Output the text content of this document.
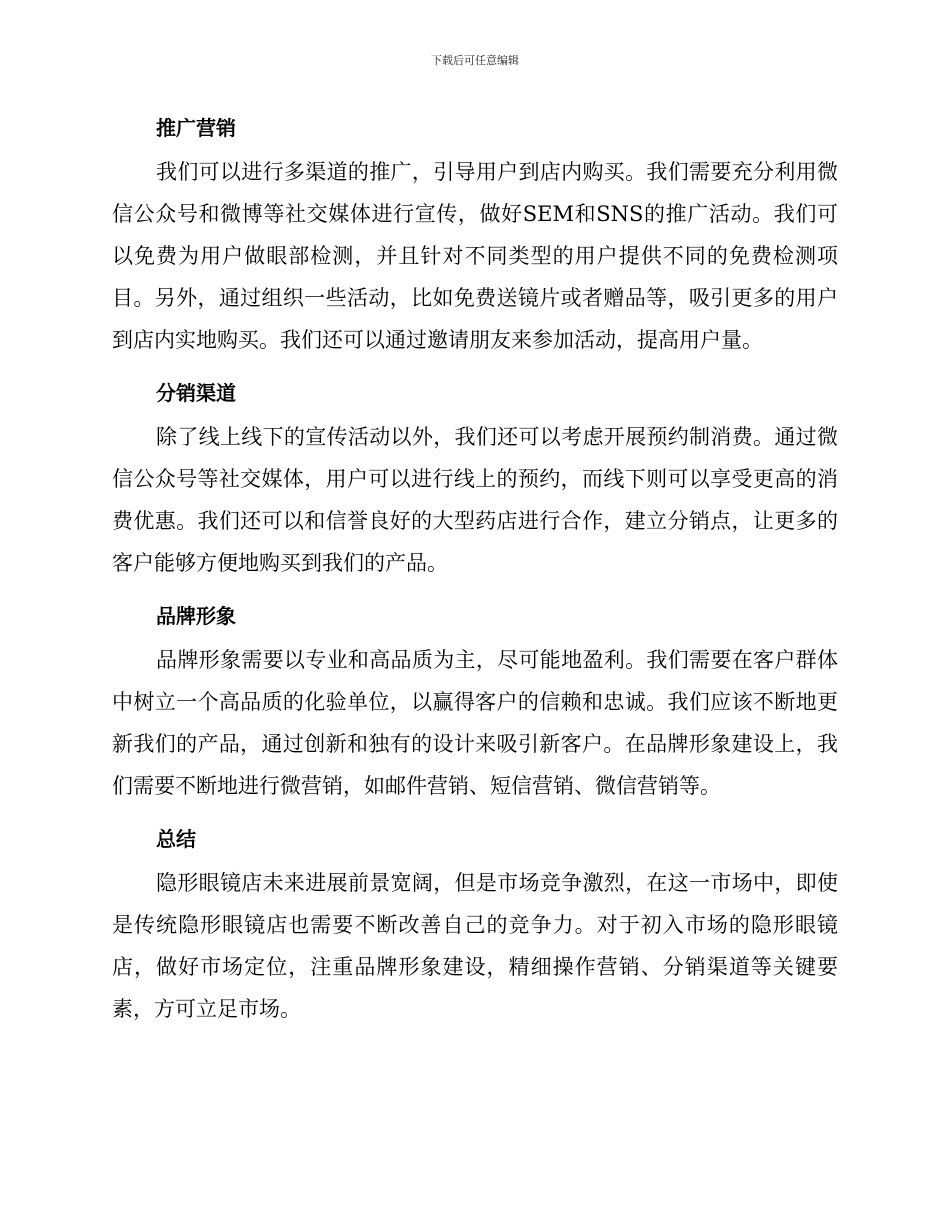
下载后可任意编辑
推广营销

我们可以进行多渠道的推广，引导用户到店内购买。我们需要充分利用微信公众号和微博等社交媒体进行宣传，做好SEM和SNS的推广活动。我们可以免费为用户做眼部检测，并且针对不同类型的用户提供不同的免费检测项目。另外，通过组织一些活动，比如免费送镜片或者赠品等，吸引更多的用户到店内实地购买。我们还可以通过邀请朋友来参加活动，提高用户量。

分销渠道

除了线上线下的宣传活动以外，我们还可以考虑开展预约制消费。通过微信公众号等社交媒体，用户可以进行线上的预约，而线下则可以享受更高的消费优惠。我们还可以和信誉良好的大型药店进行合作，建立分销点，让更多的客户能够方便地购买到我们的产品。

品牌形象

品牌形象需要以专业和高品质为主，尽可能地盈利。我们需要在客户群体中树立一个高品质的化验单位，以赢得客户的信赖和忠诚。我们应该不断地更新我们的产品，通过创新和独有的设计来吸引新客户。在品牌形象建设上，我们需要不断地进行微营销，如邮件营销、短信营销、微信营销等。

总结

隐形眼镜店未来进展前景宽阔，但是市场竞争激烈，在这一市场中，即使是传统隐形眼镜店也需要不断改善自己的竞争力。对于初入市场的隐形眼镜店，做好市场定位，注重品牌形象建设，精细操作营销、分销渠道等关键要素，方可立足市场。
